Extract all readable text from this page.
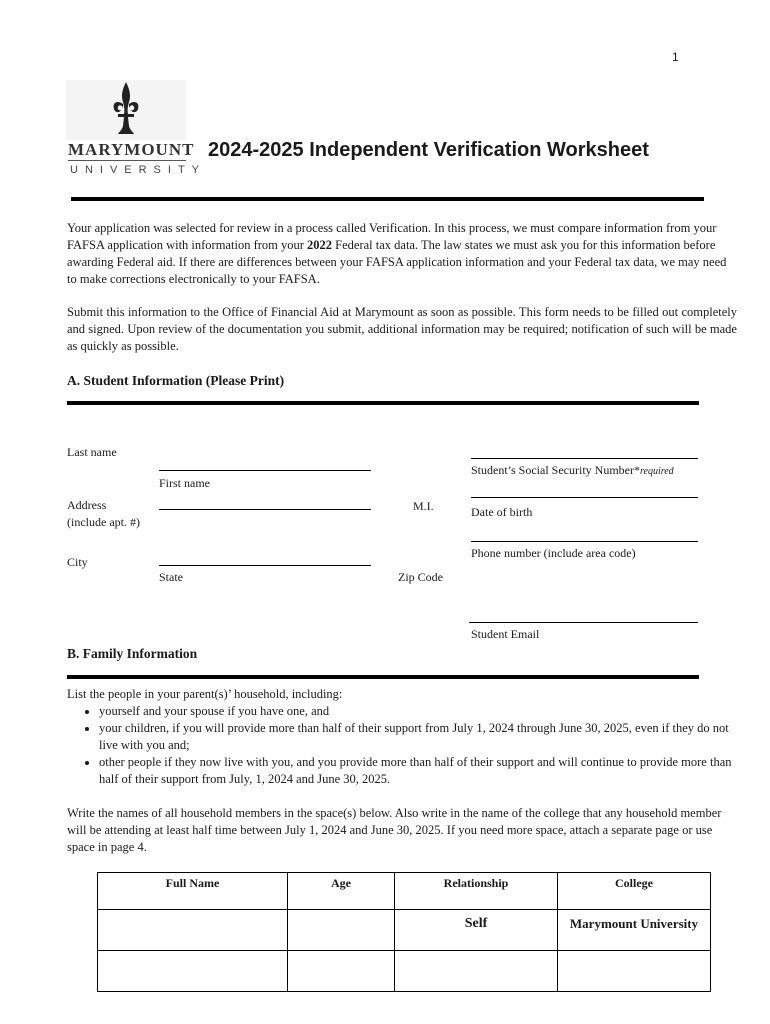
1
MARYMOUNT
UNIVERSITY
2024-2025 Independent Verification Worksheet
Your application was selected for review in a process called Verification. In this process, we must compare information from your FAFSA application with information from your 2022 Federal tax data. The law states we must ask you for this information before awarding Federal aid. If there are differences between your FAFSA application information and your Federal tax data, we may need to make corrections electronically to your FAFSA.
Submit this information to the Office of Financial Aid at Marymount as soon as possible. This form needs to be filled out completely and signed. Upon review of the documentation you submit, additional information may be required; notification of such will be made as quickly as possible.
A. Student Information (Please Print)
Last name
First name
Address
(include apt. #)
M.I.
City
State	Zip Code
Student’s Social Security Number*required
Date of birth
Phone number (include area code)
Student Email
B. Family Information
List the people in your parent(s)’ household, including:
• yourself and your spouse if you have one, and
• your children, if you will provide more than half of their support from July 1, 2024 through June 30, 2025, even if they do not live with you and;
• other people if they now live with you, and you provide more than half of their support and will continue to provide more than half of their support from July, 1, 2024 and June 30, 2025.
Write the names of all household members in the space(s) below. Also write in the name of the college that any household member will be attending at least half time between July 1, 2024 and June 30, 2025. If you need more space, attach a separate page or use space in page 4.
Full Name	Age	Relationship	College
		Self	Marymount University
